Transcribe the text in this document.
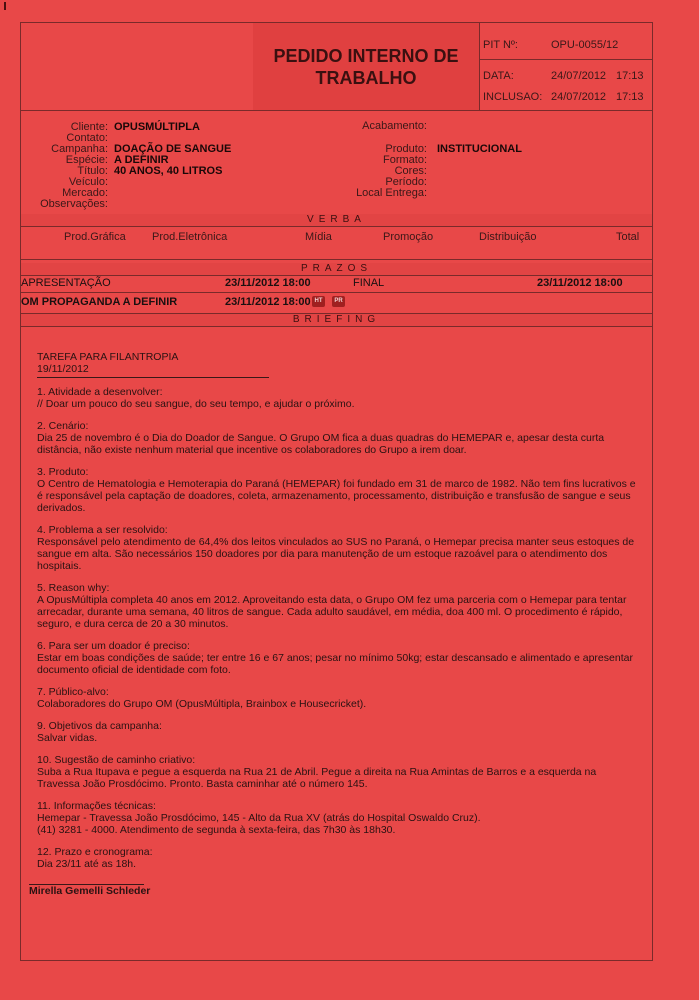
PEDIDO INTERNO DE TRABALHO
PIT Nº:	OPU-0055/12
DATA:	24/07/2012 17:13
INCLUSAO: 24/07/2012 17:13
Cliente: OPUSMÚLTIPLA
Contato:
Campanha: DOAÇÃO DE SANGUE
Espécie: A DEFINIR
Título: 40 ANOS, 40 LITROS
Veículo:
Mercado:
Observações:
Acabamento:
Produto: INSTITUCIONAL
Formato:
Cores:
Período:
Local Entrega:
VERBA
Prod.Gráfica Prod.Eletrônica	Mídia	Promoção	Distribuição	Total
PRAZOS
APRESENTAÇÃO	23/11/2012 18:00	FINAL	23/11/2012 18:00
OM PROPAGANDA A DEFINIR	23/11/2012 18:00 HT	PR
BRIEFING

TAREFA PARA FILANTROPIA

19/11/2012

1. Atividade a desenvolver:

// Doar um pouco do seu sangue, do seu tempo, e ajudar o próximo.

2. Cenário:

Dia 25 de novembro é o Dia do Doador de Sangue. O Grupo OM fica a duas quadras do HEMEPAR e, apesar desta curta distância, não existe nenhum material que incentive os colaboradores do Grupo a irem doar.

3. Produto:

O Centro de Hematologia e Hemoterapia do Paraná (HEMEPAR) foi fundado em 31 de marco de 1982. Não tem fins lucrativos e é responsável pela captação de doadores, coleta, armazenamento, processamento, distribuição e transfusão de sangue e seus derivados.

4. Problema a ser resolvido:

Responsável pelo atendimento de 64,4% dos leitos vinculados ao SUS no Paraná, o Hemepar precisa manter seus estoques de sangue em alta. São necessários 150 doadores por dia para manutenção de um estoque razoável para o atendimento dos hospitais.

5. Reason why:

A OpusMúltipla completa 40 anos em 2012. Aproveitando esta data, o Grupo OM fez uma parceria com o Hemepar para tentar arrecadar, durante uma semana, 40 litros de sangue. Cada adulto saudável, em média, doa 400 ml. O procedimento é rápido, seguro, e dura cerca de 20 a 30 minutos.

6. Para ser um doador é preciso:

Estar em boas condições de saúde; ter entre 16 e 67 anos; pesar no mínimo 50kg; estar descansado e alimentado e apresentar documento oficial de identidade com foto.

7. Público-alvo:

Colaboradores do Grupo OM (OpusMúltipla, Brainbox e Housecricket).

9. Objetivos da campanha:

Salvar vidas.

10. Sugestão de caminho criativo:

Suba a Rua Itupava e pegue a esquerda na Rua 21 de Abril. Pegue a direita na Rua Amintas de Barros e a esquerda na Travessa João Prosdócimo. Pronto. Basta caminhar até o número 145.

11. Informações técnicas:

Hemepar - Travessa João Prosdócimo, 145 - Alto da Rua XV (atrás do Hospital Oswaldo Cruz).

(41) 3281 - 4000. Atendimento de segunda à sexta-feira, das 7h30 às 18h30.

12. Prazo e cronograma:

Dia 23/11 até as 18h.

Mirella Gemelli Schleder
